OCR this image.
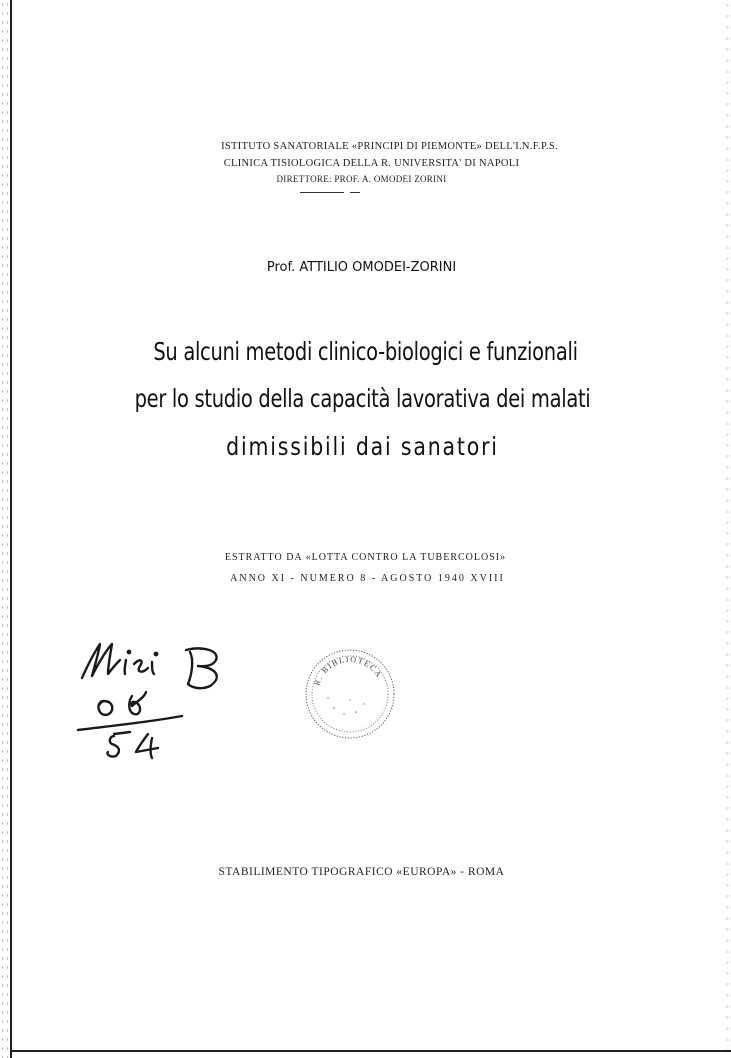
ISTITUTO SANATORIALE «PRINCIPI DI PIEMONTE» DELL'I.N.F.P.S.
CLINICA TISIOLOGICA DELLA R. UNIVERSITA' DI NAPOLI
DIRETTORE: PROF. A. OMODEI ZORINI
Prof. ATTILIO OMODEI-ZORINI
Su alcuni metodi clinico-biologici e funzionali
per lo studio della capacità lavorativa dei malati
dimissibili dai sanatori
ESTRATTO DA «LOTTA CONTRO LA TUBERCOLOSI»
ANNO XI - NUMERO 8 - AGOSTO 1940 XVIII
R. BIBLIOTECA
STABILIMENTO TIPOGRAFICO «EUROPA» - ROMA
